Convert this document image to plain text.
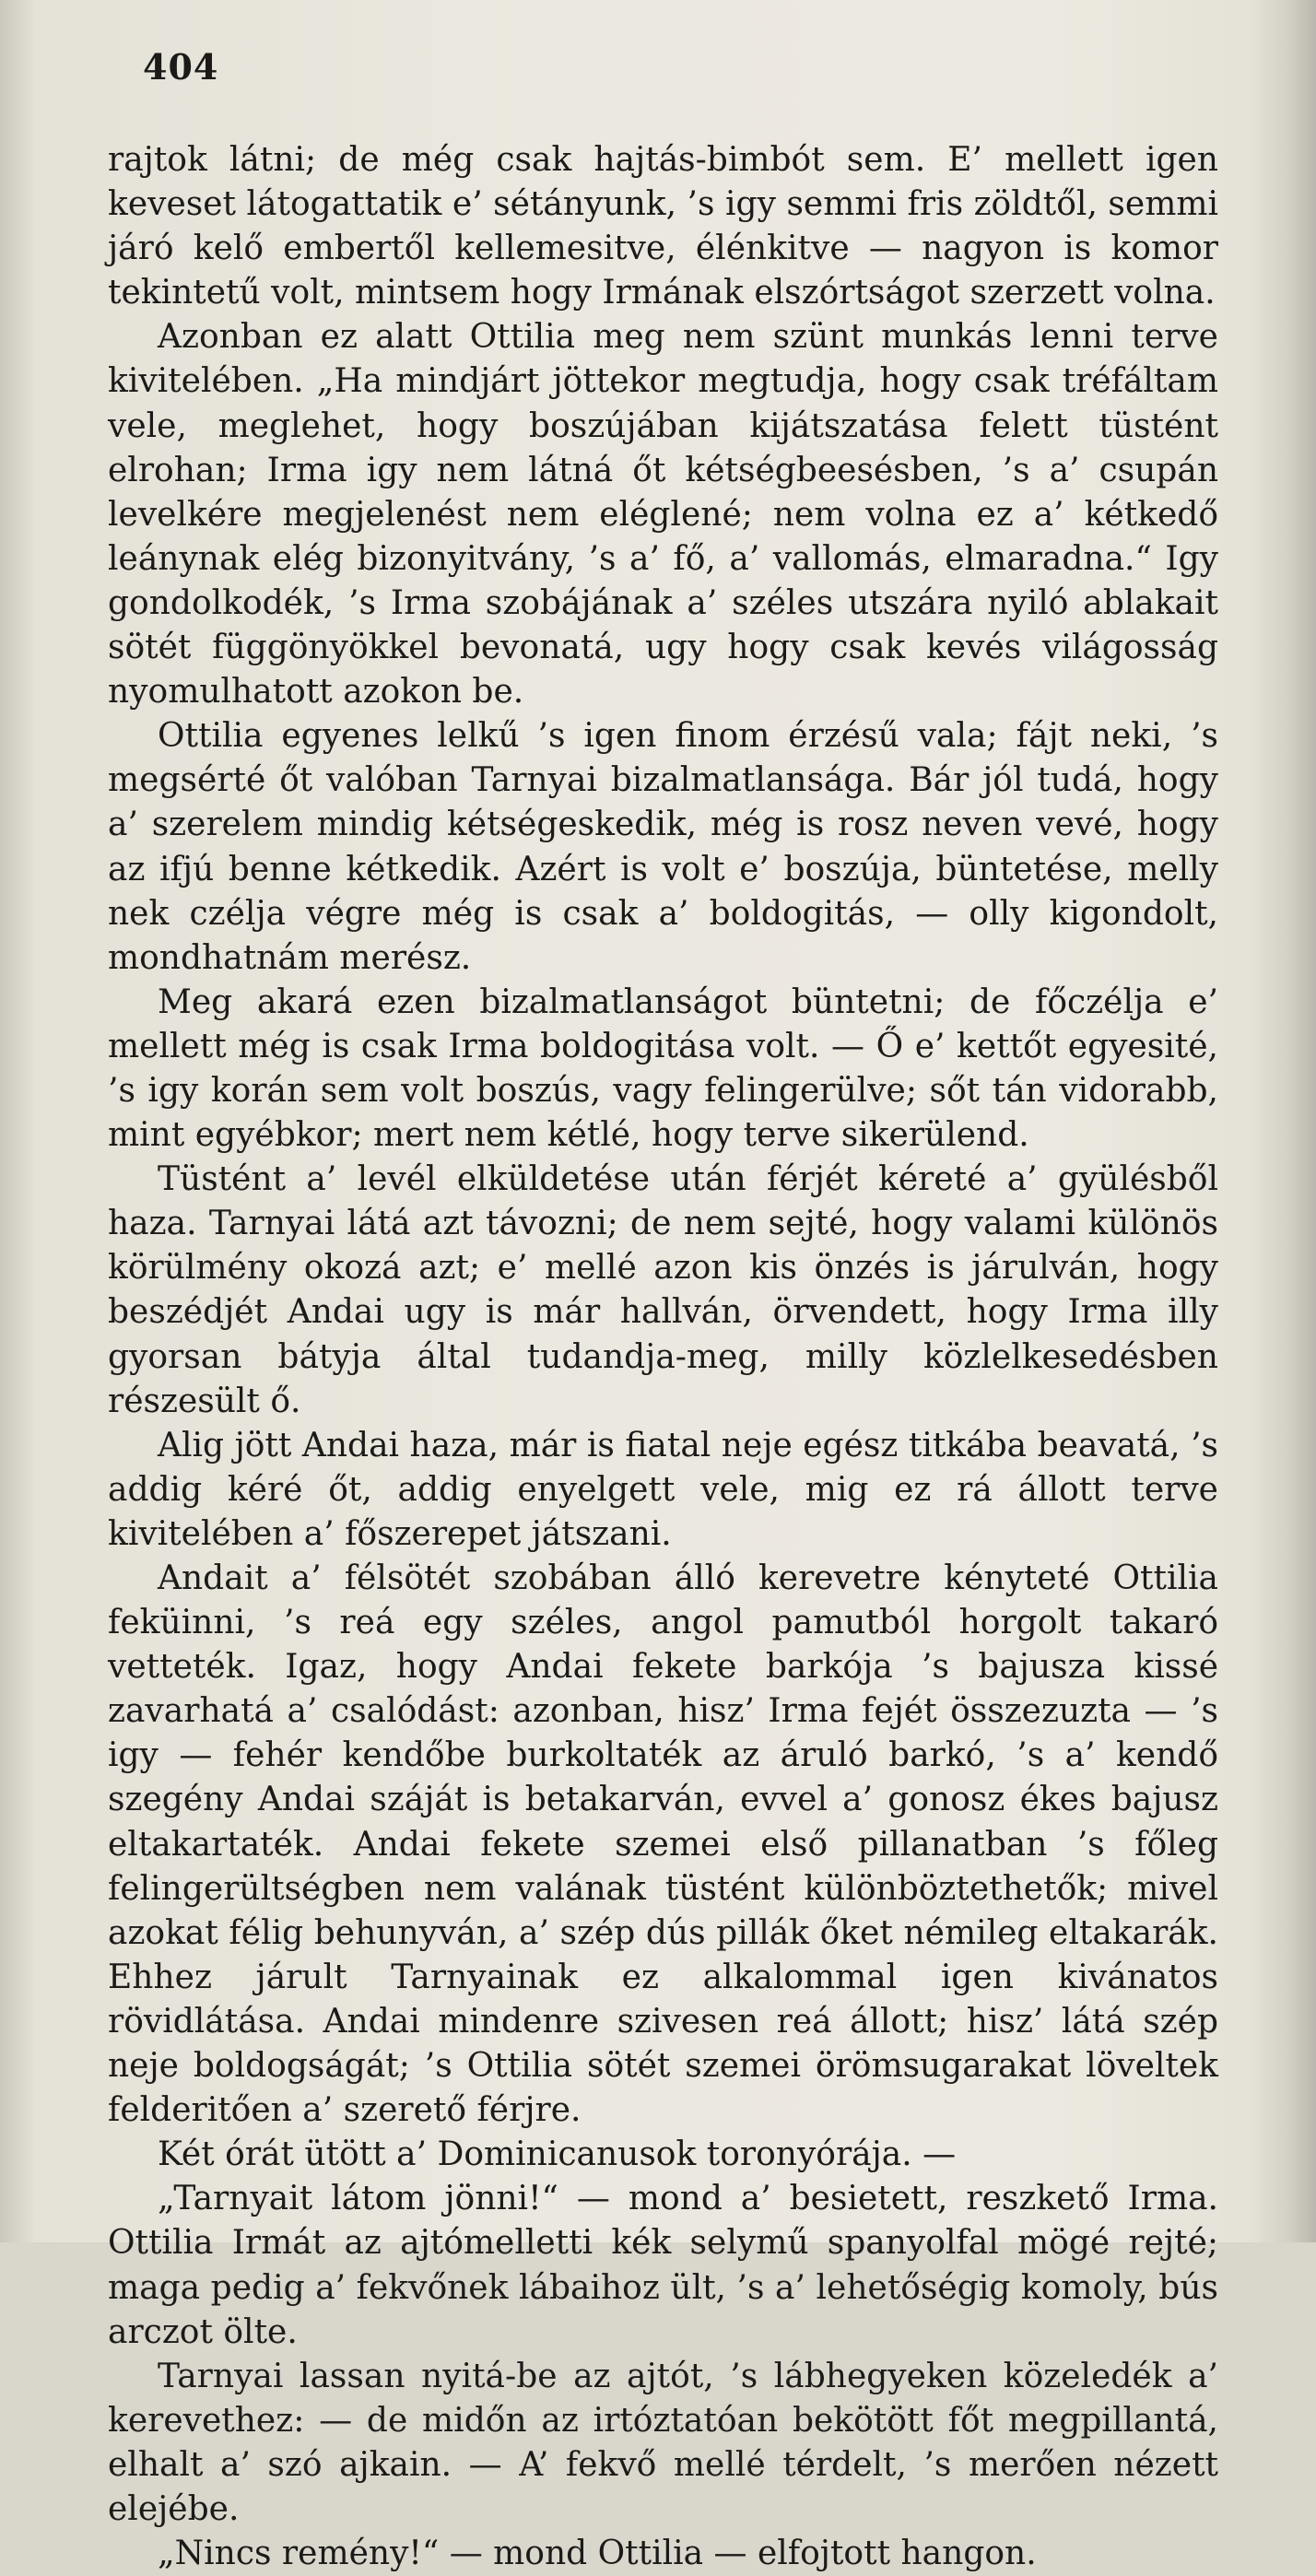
404

rajtok látni; de még csak hajtás-bimbót sem. E’ mellett igen keveset látogattatik e’ sétányunk, ’s igy semmi fris zöldtől, semmi járó kelő embertől kellemesitve, élénkitve — nagyon is komor tekintetű volt, mintsem hogy Irmának elszórtságot szerzett volna.

Azonban ez alatt Ottilia meg nem szünt munkás lenni terve kivitelében. „Ha mindjárt jöttekor megtudja, hogy csak tréfáltam vele, meglehet, hogy boszújában kijátszatása felett tüstént elrohan; Irma igy nem látná őt kétségbeesésben, ’s a’ csupán levelkére megjelenést nem eléglené; nem volna ez a’ kétkedő leánynak elég bizonyitvány, ’s a’ fő, a’ vallomás, elmaradna.“ Igy gondolkodék, ’s Irma szobájának a’ széles utszára nyiló ablakait sötét függönyökkel bevonatá, ugy hogy csak kevés világosság nyomulhatott azokon be.

Ottilia egyenes lelkű ’s igen finom érzésű vala; fájt neki, ’s megsérté őt valóban Tarnyai bizalmatlansága. Bár jól tudá, hogy a’ szerelem mindig kétségeskedik, még is rosz neven vevé, hogy az ifjú benne kétkedik. Azért is volt e’ boszúja, büntetése, melly nek czélja végre még is csak a’ boldogitás, — olly kigondolt, mondhatnám merész.

Meg akará ezen bizalmatlanságot büntetni; de főczélja e’ mellett még is csak Irma boldogitása volt. — Ő e’ kettőt egyesité, ’s igy korán sem volt boszús, vagy felingerülve; sőt tán vidorabb, mint egyébkor; mert nem kétlé, hogy terve sikerülend.

Tüstént a’ levél elküldetése után férjét kéreté a’ gyülésből haza. Tarnyai látá azt távozni; de nem sejté, hogy valami különös körülmény okozá azt; e’ mellé azon kis önzés is járulván, hogy beszédjét Andai ugy is már hallván, örvendett, hogy Irma illy gyorsan bátyja által tudandja-meg, milly közlelkesedésben részesült ő.

Alig jött Andai haza, már is fiatal neje egész titkába beavatá, ’s addig kéré őt, addig enyelgett vele, mig ez rá állott terve kivitelében a’ főszerepet játszani.

Andait a’ félsötét szobában álló kerevetre kényteté Ottilia feküinni, ’s reá egy széles, angol pamutból horgolt takaró vetteték. Igaz, hogy Andai fekete barkója ’s bajusza kissé zavarhatá a’ csalódást: azonban, hisz’ Irma fejét összezuzta — ’s igy — fehér kendőbe burkoltaték az áruló barkó, ’s a’ kendő szegény Andai száját is betakarván, evvel a’ gonosz ékes bajusz eltakartaték. Andai fekete szemei első pillanatban ’s főleg felingerültségben nem valának tüstént különböztethetők; mivel azokat félig behunyván, a’ szép dús pillák őket némileg eltakarák. Ehhez járult Tarnyainak ez alkalommal igen kivánatos rövidlátása. Andai mindenre szivesen reá állott; hisz’ látá szép neje boldogságát; ’s Ottilia sötét szemei örömsugarakat löveltek felderitően a’ szerető férjre.

Két órát ütött a’ Dominicanusok toronyórája. —

„Tarnyait látom jönni!“ — mond a’ besietett, reszkető Irma. Ottilia Irmát az ajtómelletti kék selymű spanyolfal mögé rejté; maga pedig a’ fekvőnek lábaihoz ült, ’s a’ lehetőségig komoly, bús arczot ölte.

Tarnyai lassan nyitá-be az ajtót, ’s lábhegyeken közeledék a’ kerevethez: — de midőn az irtóztatóan bekötött főt megpillantá, elhalt a’ szó ajkain. — A’ fekvő mellé térdelt, ’s merően nézett elejébe.

„Nincs remény!“ — mond Ottilia — elfojtott hangon.
